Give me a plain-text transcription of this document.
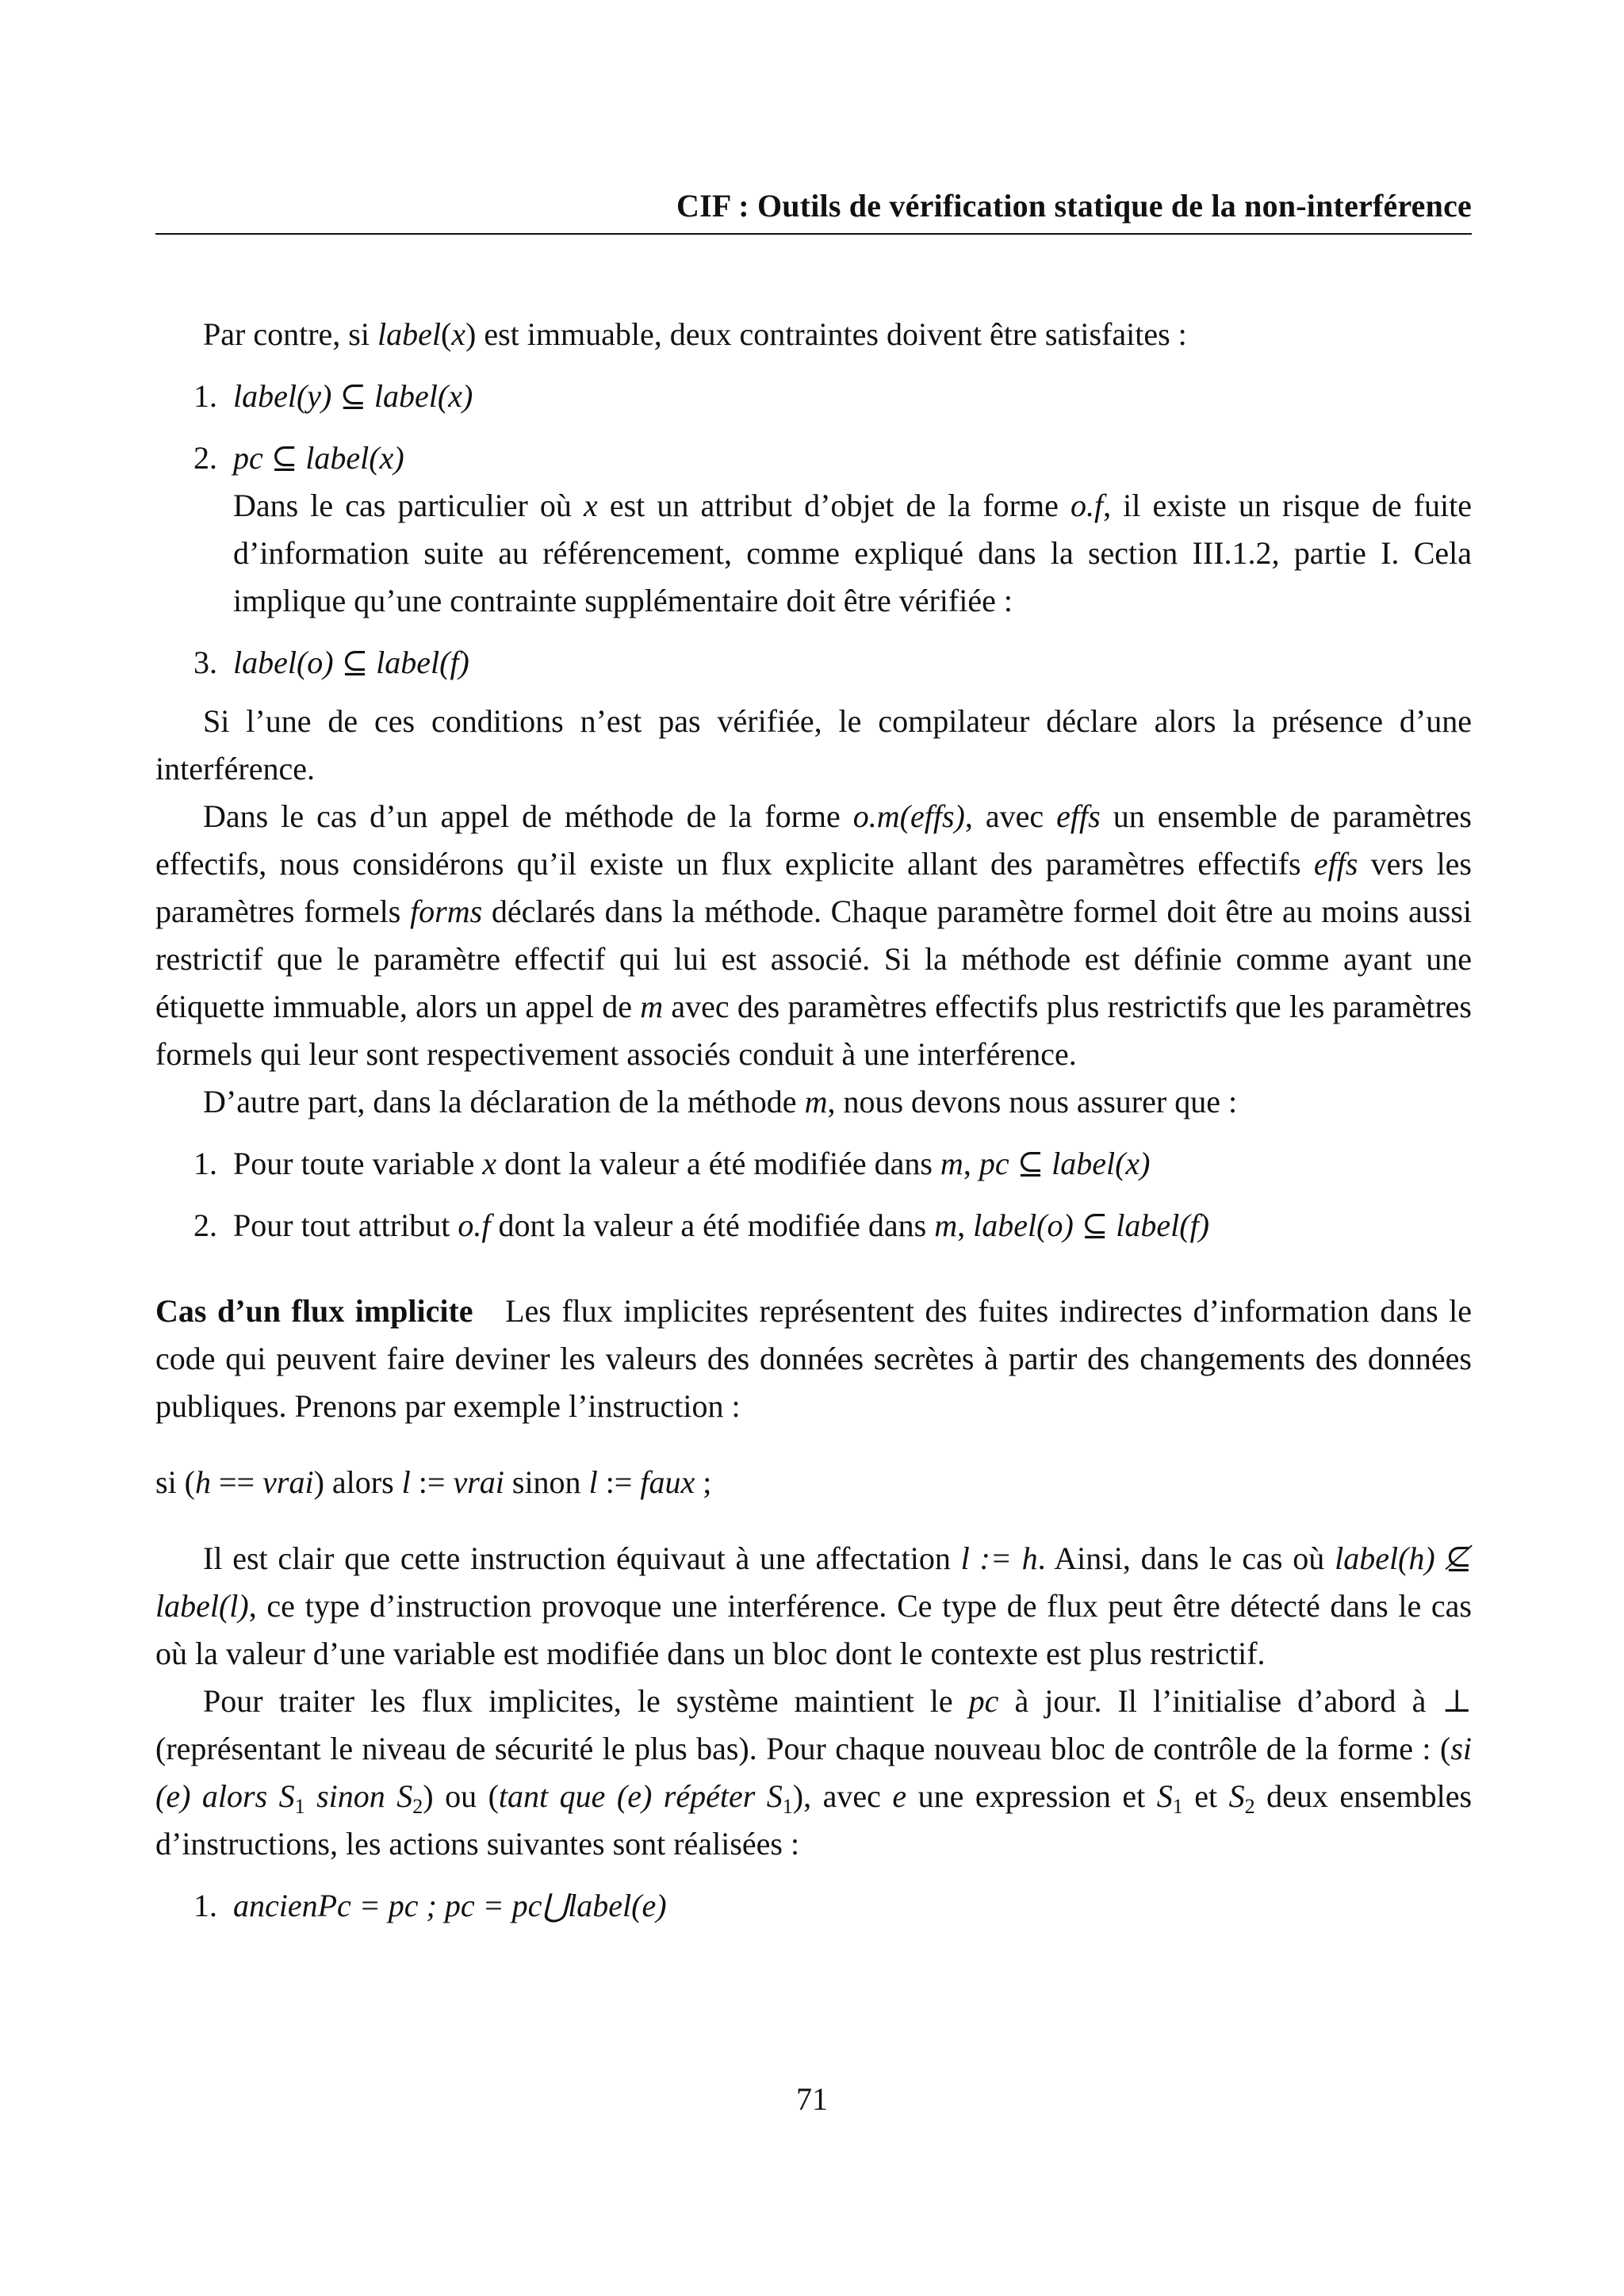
CIF : Outils de vérification statique de la non-interférence

Par contre, si label(x) est immuable, deux contraintes doivent être satisfaites :

1. label(y) ⊆ label(x)
2. pc ⊆ label(x)

Dans le cas particulier où x est un attribut d’objet de la forme o.f, il existe un risque de fuite d’information suite au référencement, comme expliqué dans la section III.1.2, partie I. Cela implique qu’une contrainte supplémentaire doit être vérifiée :

3. label(o) ⊆ label(f)

Si l’une de ces conditions n’est pas vérifiée, le compilateur déclare alors la présence d’une interférence.

Dans le cas d’un appel de méthode de la forme o.m(effs), avec effs un ensemble de paramètres effectifs, nous considérons qu’il existe un flux explicite allant des paramètres effectifs effs vers les paramètres formels forms déclarés dans la méthode. Chaque paramètre formel doit être au moins aussi restrictif que le paramètre effectif qui lui est associé. Si la méthode est définie comme ayant une étiquette immuable, alors un appel de m avec des paramètres effectifs plus restrictifs que les paramètres formels qui leur sont respectivement associés conduit à une interférence.

D’autre part, dans la déclaration de la méthode m, nous devons nous assurer que :

1. Pour toute variable x dont la valeur a été modifiée dans m, pc ⊆ label(x)
2. Pour tout attribut o.f dont la valeur a été modifiée dans m, label(o) ⊆ label(f)

Cas d’un flux implicite Les flux implicites représentent des fuites indirectes d’information dans le code qui peuvent faire deviner les valeurs des données secrètes à partir des changements des données publiques. Prenons par exemple l’instruction :

si (h == vrai) alors l := vrai sinon l := faux ;

Il est clair que cette instruction équivaut à une affectation l := h. Ainsi, dans le cas où label(h) ⊈ label(l), ce type d’instruction provoque une interférence. Ce type de flux peut être détecté dans le cas où la valeur d’une variable est modifiée dans un bloc dont le contexte est plus restrictif.

Pour traiter les flux implicites, le système maintient le pc à jour. Il l’initialise d’abord à ⊥ (représentant le niveau de sécurité le plus bas). Pour chaque nouveau bloc de contrôle de la forme : (si (e) alors $S_1$ sinon $S_2$) ou (tant que (e) répéter $S_1$), avec e une expression et $S_1$ et $S_2$ deux ensembles d’instructions, les actions suivantes sont réalisées :

1. ancienPc = pc ; pc = pc⋃label(e)
71
